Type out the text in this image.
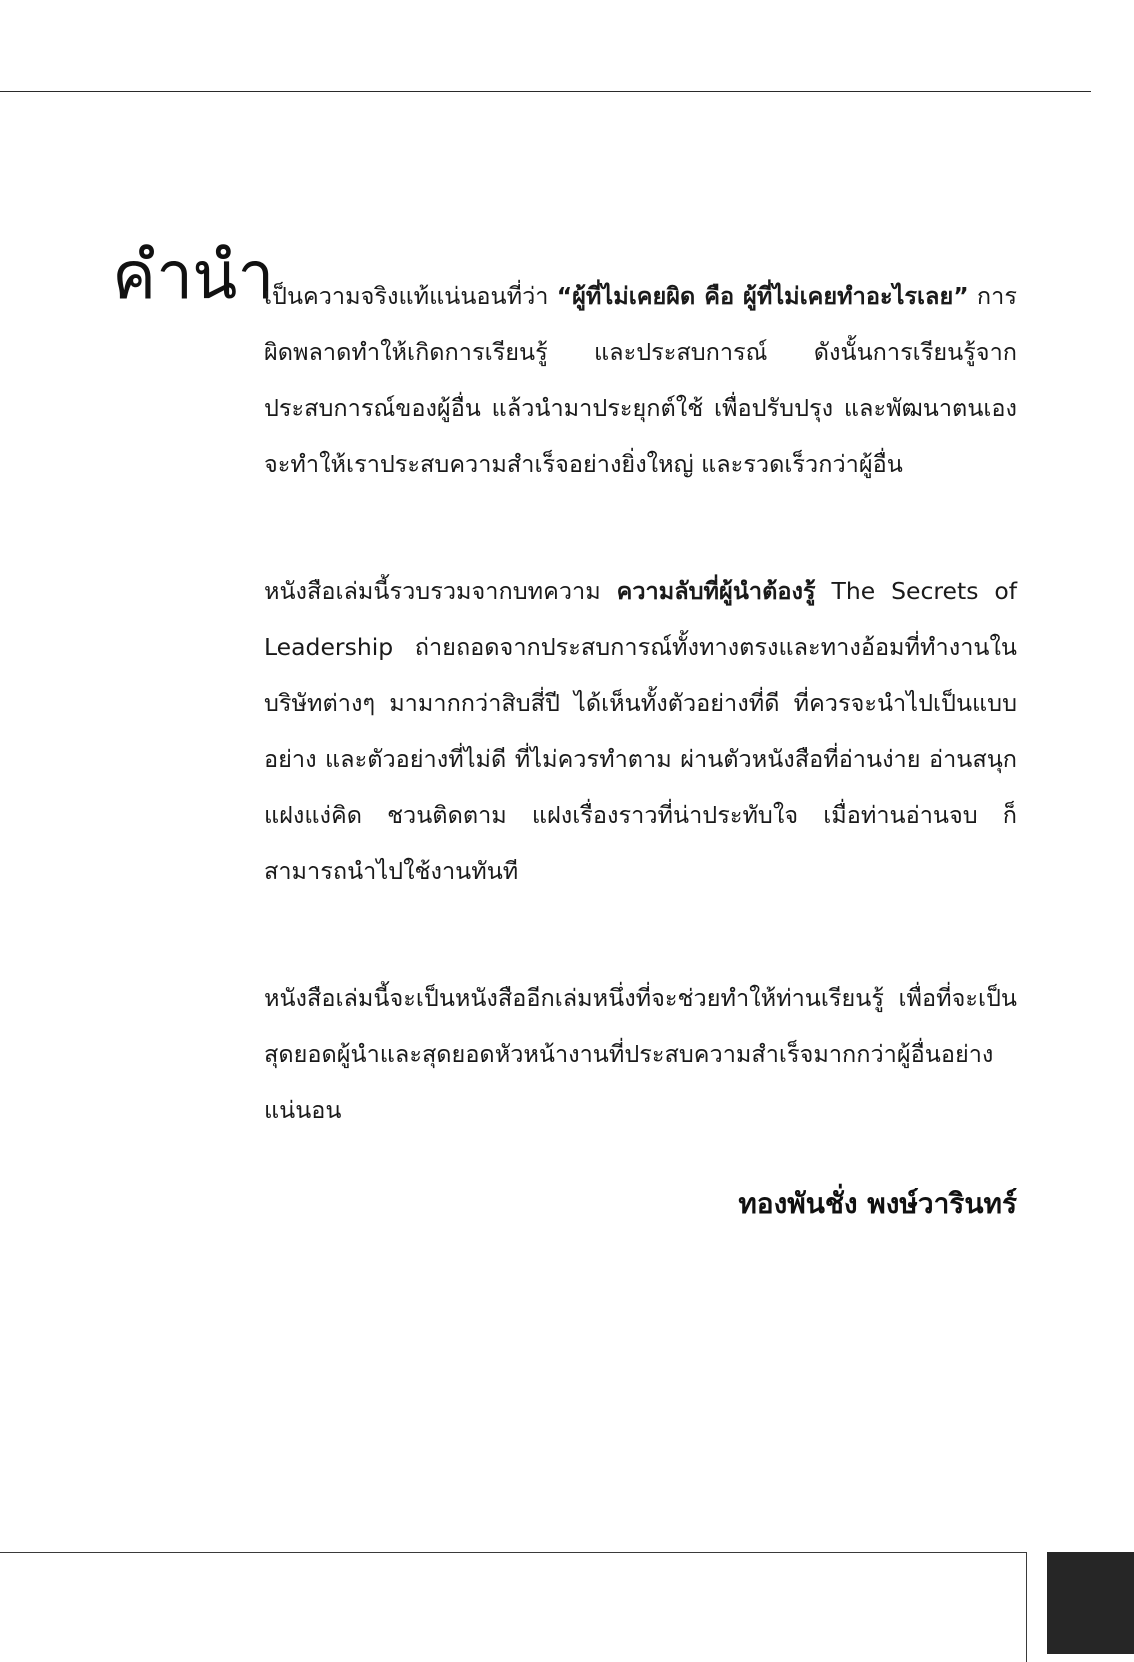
คำนำ

เป็นความจริงแท้แน่นอนที่ว่า “ผู้ที่ไม่เคยผิด คือ ผู้ที่ไม่เคยทำอะไรเลย” การผิดพลาดทำให้เกิดการเรียนรู้ และประสบการณ์ ดังนั้นการเรียนรู้จากประสบการณ์ของผู้อื่น แล้วนำมาประยุกต์ใช้ เพื่อปรับปรุง และพัฒนาตนเอง จะทำให้เราประสบความสำเร็จอย่างยิ่งใหญ่ และรวดเร็วกว่าผู้อื่น

หนังสือเล่มนี้รวบรวมจากบทความ ความลับที่ผู้นำต้องรู้ The Secrets of Leadership ถ่ายถอดจากประสบการณ์ทั้งทางตรงและทางอ้อมที่ทำงานในบริษัทต่างๆ มามากกว่าสิบสี่ปี ได้เห็นทั้งตัวอย่างที่ดี ที่ควรจะนำไปเป็นแบบอย่าง และตัวอย่างที่ไม่ดี ที่ไม่ควรทำตาม ผ่านตัวหนังสือที่อ่านง่าย อ่านสนุก แฝงแง่คิด ชวนติดตาม แฝงเรื่องราวที่น่าประทับใจ เมื่อท่านอ่านจบ ก็สามารถนำไปใช้งานทันที

หนังสือเล่มนี้จะเป็นหนังสืออีกเล่มหนึ่งที่จะช่วยทำให้ท่านเรียนรู้ เพื่อที่จะเป็นสุดยอดผู้นำและสุดยอดหัวหน้างานที่ประสบความสำเร็จมากกว่าผู้อื่นอย่างแน่นอน

ทองพันชั่ง พงษ์วารินทร์
